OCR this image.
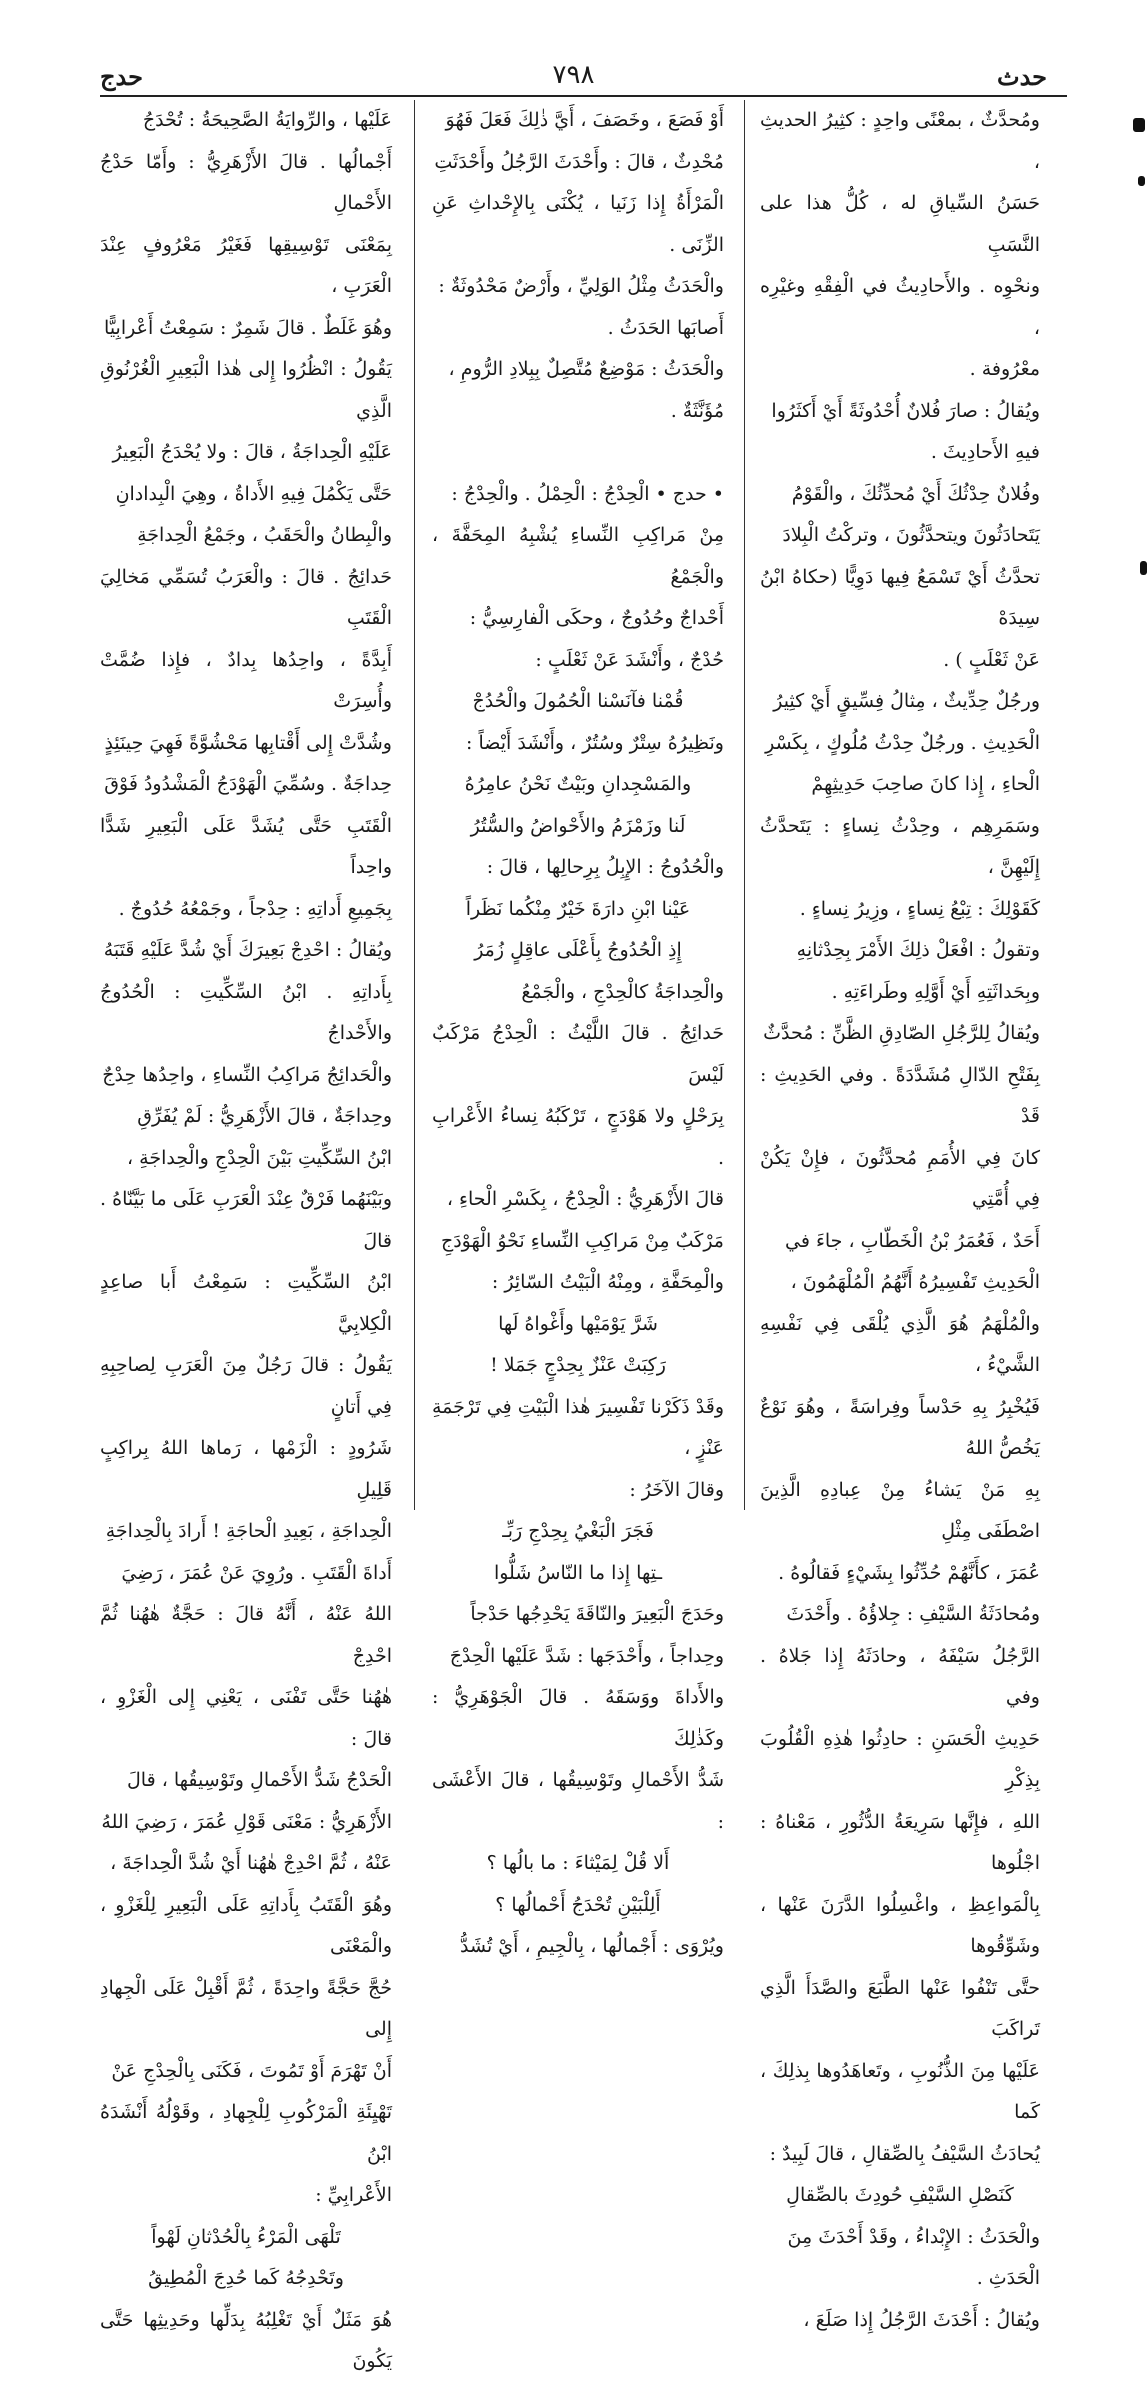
حدث
٧٩٨
حدج

ومُحدَّثٌ ، بمعْنًى واحِدٍ : كثِيرُ الحديثِ ،

حَسَنُ السِّياقِ له ، كُلُّ هذا على النَّسَبِ

ونحْوِه . والأَحادِيثُ في الْفِقْهِ وغيْرِه ،

معْرُوفة .

ويُقالُ : صارَ فُلانٌ أُحْدُوثَةً أَيْ أَكثَرُوا

فيهِ الأَحادِيثَ .

وفُلانٌ حِدْثُكَ أَيْ مُحدِّثُكَ ، والْقَوْمُ

يَتَحادَثُونَ ويتحدَّثُونَ ، وتركْتُ الْبِلادَ

تحدَّثُ أَيْ تَسْمَعُ فِيها دَوِيًّا (حكاهُ ابْنُ سِيدَهْ

عَنْ ثَعْلَبٍ ) .

ورجُلٌ حِدِّيثٌ ، مِثالُ فِسِّيقٍ أَيْ كثِيرُ

الْحَدِيثِ . ورجُلٌ حِدْثُ مُلُوكٍ ، بِكَسْرِ

الْحاءِ ، إِذا كانَ صاحِبَ حَدِيثِهِمْ

وسَمَرِهِم ، وحِدْثُ نِساءٍ : يَتَحدَّثُ إِلَيْهِنَّ ،

كَقَوْلِكَ : تِبْعُ نِساءٍ ، وزِيرُ نِساءٍ .

وتقولُ : افْعَلْ ذلِكَ الأَمْرَ بِحِدْثانِهِ

وبِحَداثَتِهِ أَيْ أَوَّلِهِ وطَراءَتِهِ .

ويُقالُ لِلرَّجُلِ الصّادِقِ الظَّنِّ : مُحدَّثٌ

بِفَتْحِ الدّالِ مُشَدَّدَةً . وفي الحَدِيثِ : قَدْ

كانَ فِي الأُمَمِ مُحدَّثُونَ ، فإِنْ يَكُنْ فِي أُمَّتِي

أَحَدٌ ، فَعُمَرُ بْنُ الْخَطّابِ ، جاءَ في

الْحَدِيثِ تَفْسِيرُهُ أَنَّهُمُ الْمُلْهَمُونَ ،

والْمُلْهَمُ هُوَ الَّذِي يُلْقَى فِي نَفْسِهِ الشَّيْءُ ،

فَيُخْبِرُ بِهِ حَدْساً وفِراسَةً ، وهُوَ نَوْعٌ يَخُصُّ اللهُ

بِهِ مَنْ يَشاءُ مِنْ عِبادِهِ الَّذِينَ اصْطَفَى مِثْلِ

عُمَرَ ، كأَنَّهُمْ حُدِّثُوا بِشَيْءٍ فَقالُوهُ .

ومُحادَثَةُ السَّيْفِ : جِلاؤُهُ . وأَحْدَثَ

الرَّجُلُ سَيْفَهُ ، وحادَثَهُ إِذا جَلاهُ . وفي

حَدِيثِ الْحَسَنِ : حادِثُوا هٰذِهِ الْقُلُوبَ بِذِكْرِ

اللهِ ، فإِنَّها سَرِيعَةُ الدُّثُورِ ، مَعْناهُ : اجْلُوها

بِالْمَواعِظِ ، واغْسِلُوا الدَّرَنَ عَنْها ، وشَوِّقُوها

حتَّى تَنْفُوا عَنْها الطَّبَعَ والصَّدَأَ الَّذِي تَراكَبَ

عَلَيْها مِنَ الذُّنُوبِ ، وتَعاهَدُوها بِذلِكَ ، كَما

يُحادَثُ السَّيْفُ بِالصِّقالِ ، قالَ لَبِيدٌ :

كَنَصْلِ السَّيْفِ حُودِثَ بالصِّقالِ

والْحَدَثُ : الإِبْداءُ ، وقَدْ أَحْدَثَ مِنَ

الْحَدَثِ .

ويُقالُ : أَحْدَثَ الرَّجُلُ إِذا صَلَعَ ،

أَوْ فَصَعَ ، وخَصَفَ ، أَيَّ ذٰلِكَ فَعَلَ فَهُوَ

مُحْدِثٌ ، قالَ : وأَحْدَثَ الرَّجُلُ وأَحْدَثَتِ

الْمَرْأَةُ إِذا زَنَيا ، يُكْنَى بِالإِحْداثِ عَنِ الزِّنَى .

والْحَدَثُ مِثْلُ الوَلِيِّ ، وأَرْضٌ مَحْدُوثَةٌ :

أَصابَها الحَدَثُ .

والْحَدَثُ : مَوْضِعٌ مُتَّصِلٌ بِبِلادِ الرُّومِ ،

مُؤَنَّثَةٌ .

• حدج • الْحِدْجُ : الْحِمْلُ . والْحِدْجُ :

مِنْ مَراكِبِ النِّساءِ يُشْبِهُ المِحَفَّةَ ، والْجَمْعُ

أَحْداجٌ وحُدُوجٌ ، وحكَى الْفارِسِيُّ :

حُدْجٌ ، وأَنْشَدَ عَنْ ثَعْلَبٍ :

قُمْنا فآنَسْنا الْحُمُولَ والْحُدُجْ

ونَظِيرُهُ سِتْرٌ وسُتُرٌ ، وأَنْشَدَ أَيْضاً :

والمَسْجِدانِ وبَيْتٌ نَحْنُ عامِرُهُ

لَنا وزَمْزَمُ والأَحْواضُ والسُّتُرُ

والْحُدُوجُ : الإِبِلُ بِرِحالِها ، قالَ :

عَيْنا ابْنِ دارَةَ خَيْرٌ مِنْكُما نَظَراً

إِذِ الْحُدُوجُ بِأَعْلَى عاقِلٍ زُمَرُ

والْحِداجَةُ كالْحِدْجِ ، والْجَمْعُ

حَدائِجُ . قالَ اللَّيْثُ : الْحِدْجُ مَرْكَبٌ لَيْسَ

بِرَحْلٍ ولا هَوْدَجٍ ، تَرْكَبُهُ نِساءُ الأَعْرابِ .

قالَ الأَزْهَرِيُّ : الْحِدْجُ ، بِكَسْرِ الْحاءِ ،

مَرْكَبٌ مِنْ مَراكِبِ النِّساءِ نَحْوُ الْهَوْدَجِ

والْمِحَفَّةِ ، ومِنْهُ الْبَيْتُ السّائِرُ :

شَرَّ يَوْمَيْها وأَغْواهُ لَها

رَكِبَتْ عَنْزٌ بِحِدْجٍ جَمَلا !

وقَدْ ذَكَرْنا تَفْسِيرَ هٰذا الْبَيْتِ فِي تَرْجَمَةِ عَنْزٍ ،

وقالَ الآخَرُ :

فَجَرَ الْبَغْيُ بِحِدْجِ رَبِّـ

ـتِها إِذا ما النّاسُ شَلُّوا

وحَدَجَ الْبَعِيرَ والنّاقَةَ يَحْدِجُها حَدْجاً

وحِداجاً ، وأَحْدَجَها : شَدَّ عَلَيْها الْحِدْجَ

والأَداةَ ووَسَقَهُ . قالَ الْجَوْهَرِيُّ : وكَذٰلِكَ

شَدُّ الأَحْمالِ وتَوْسِيقُها ، قالَ الأَعْشَى :

أَلا قُلْ لِمَيْثاءَ : ما بالُها ؟

أَلِلْبَيْنِ تُحْدَجُ أَحْمالُها ؟

ويُرْوَى : أَجْمالُها ، بِالْجِيمِ ، أَيْ تُشَدُّ

عَلَيْها ، والرِّوايَةُ الصَّحِيحَةُ : تُحْدَجُ

أَجْمالُها . قالَ الأَزْهَرِيُّ : وأَمّا حَدْجُ الأَحْمالِ

بِمَعْنَى تَوْسِيقِها فَغَيْرُ مَعْرُوفٍ عِنْدَ الْعَرَبِ ،

وهُوَ غَلَطٌ . قالَ شَمِرٌ : سَمِعْتُ أَعْرابِيًّا

يَقُولُ : انْظُرُوا إِلى هٰذا الْبَعِيرِ الْغُرْنُوقِ الَّذِي

عَلَيْهِ الْحِداجَةُ ، قالَ : ولا يُحْدَجُ الْبَعِيرُ

حَتَّى يَكْمُلَ فِيهِ الأَداةُ ، وهِيَ الْبِدادانِ

والْبِطانُ والْحَقَبُ ، وجَمْعُ الْحِداجَةِ

حَدائِجُ . قالَ : والْعَرَبُ تُسَمِّي مَخالِيَ الْقَتَبِ

أَبِدَّةً ، واحِدُها بِدادٌ ، فإِذا ضُمَّتْ وأُسِرَتْ

وشُدَّتْ إِلى أَقْتابِها مَحْشُوَّةً فَهِيَ حِينَئِذٍ

حِداجَةٌ . وسُمِّيَ الْهَوْدَجُ الْمَشْدُودُ فَوْقَ

الْقَتَبِ حَتَّى يُشَدَّ عَلَى الْبَعِيرِ شَدًّا واحِداً

بِجَمِيعِ أَداتِهِ : حِدْجاً ، وجَمْعُهُ حُدُوجٌ .

ويُقالُ : احْدِجْ بَعِيرَكَ أَيْ شُدَّ عَلَيْهِ قَتَبَهُ

بِأَداتِهِ . ابْنُ السِّكِّيتِ : الْحُدُوجُ والأَحْداجُ

والْحَدائِجُ مَراكِبُ النِّساءِ ، واحِدُها حِدْجٌ

وحِداجَةٌ ، قالَ الأَزْهَرِيُّ : لَمْ يُفَرِّقِ

ابْنُ السِّكِّيتِ بَيْنَ الْحِدْجِ والْحِداجَةِ ،

وبَيْنَهُما فَرْقٌ عِنْدَ الْعَرَبِ عَلَى ما بَيَّنّاهُ . قالَ

ابْنُ السِّكِّيتِ : سَمِعْتُ أَبا صاعِدٍ الْكِلابِيَّ

يَقُولُ : قالَ رَجُلٌ مِنَ الْعَرَبِ لِصاحِبِهِ فِي أَتانٍ

شَرُودٍ : الْزَمْها ، رَماها اللهُ بِراكِبٍ قَلِيلِ

الْحِداجَةِ ، بَعِيدِ الْحاجَةِ ! أَرادَ بِالْحِداجَةِ

أَداةَ الْقَتَبِ . ورُوِيَ عَنْ عُمَرَ ، رَضِيَ

اللهُ عَنْهُ ، أَنَّهُ قالَ : حَجَّةٌ هٰهُنا ثُمَّ احْدِجْ

هٰهُنا حَتَّى تَفْنَى ، يَعْنِي إِلى الْغَزْوِ ، قالَ :

الْحَدْجُ شَدُّ الأَحْمالِ وتَوْسِيقُها ، قالَ

الأَزْهَرِيُّ : مَعْنَى قَوْلِ عُمَرَ ، رَضِيَ اللهُ

عَنْهُ ، ثُمَّ احْدِجْ هٰهُنا أَيْ شُدَّ الْحِداجَةَ ،

وهُوَ الْقَتَبُ بِأَداتِهِ عَلَى الْبَعِيرِ لِلْغَزْوِ ، والْمَعْنَى

حُجَّ حَجَّةً واحِدَةً ، ثُمَّ أَقْبِلْ عَلَى الْجِهادِ إِلى

أَنْ تَهْرَمَ أَوْ تَمُوتَ ، فَكَنَى بِالْحِدْجِ عَنْ

تَهْيِئَةِ الْمَرْكُوبِ لِلْجِهادِ ، وقَوْلُهُ أَنْشَدَهُ ابْنُ

الأَعْرابِيِّ :

تَلْهَى الْمَرْءُ بِالْحُدْثانِ لَهْواً

وتَحْدِجُهُ كَما حُدِجَ الْمُطِيقُ

هُوَ مَثَلٌ أَيْ تَغْلِبُهُ بِدَلِّها وحَدِيثِها حَتَّى يَكُونَ
